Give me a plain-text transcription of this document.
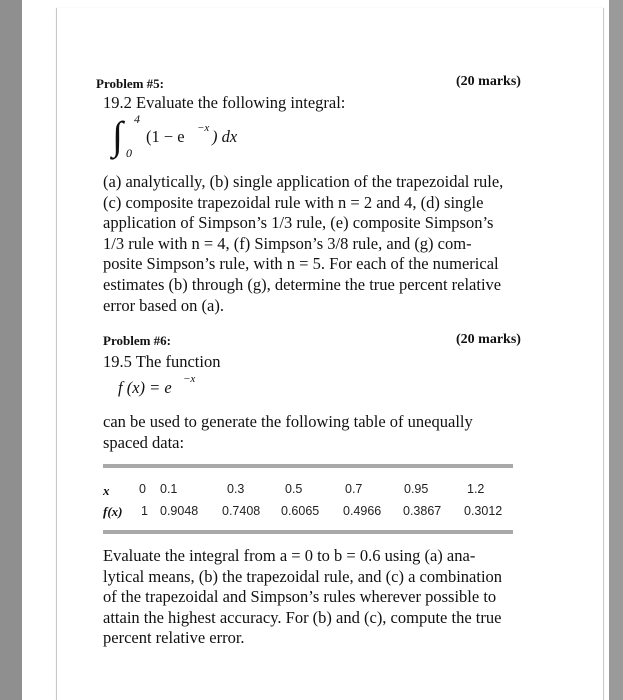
Problem #5:	(20 marks)
19.2 Evaluate the following integral:
∫ 4
0
(1 − e −x ) dx
(a) analytically, (b) single application of the trapezoidal rule,
(c) composite trapezoidal rule with n = 2 and 4, (d) single
application of Simpson’s 1/3 rule, (e) composite Simpson’s
1/3 rule with n = 4, (f) Simpson’s 3/8 rule, and (g) com-
posite Simpson’s rule, with n = 5. For each of the numerical
estimates (b) through (g), determine the true percent relative
error based on (a).
Problem #6:	(20 marks)
19.5 The function
f (x) = e −x
can be used to generate the following table of unequally
spaced data:
x 0 0.1	0.3	0.5	0.7	0.95	1.2
f(x) 1 0.9048 0.7408 0.6065 0.4966 0.3867 0.3012
Evaluate the integral from a = 0 to b = 0.6 using (a) ana-
lytical means, (b) the trapezoidal rule, and (c) a combination
of the trapezoidal and Simpson’s rules wherever possible to
attain the highest accuracy. For (b) and (c), compute the true
percent relative error.
